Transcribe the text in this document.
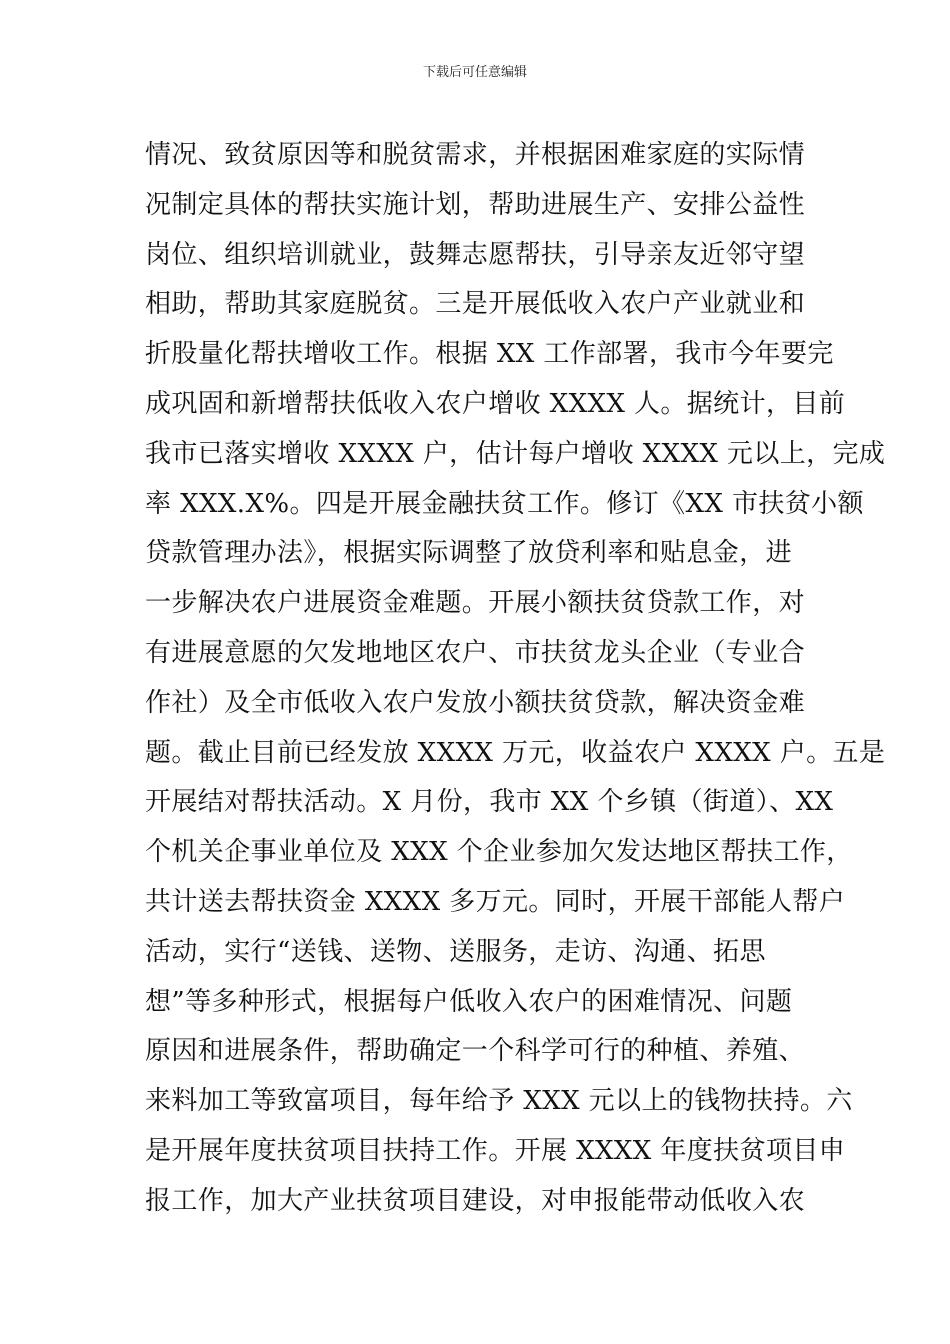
下载后可任意编辑
情况、致贫原因等和脱贫需求，并根据困难家庭的实际情
况制定具体的帮扶实施计划，帮助进展生产、安排公益性
岗位、组织培训就业，鼓舞志愿帮扶，引导亲友近邻守望
相助，帮助其家庭脱贫。三是开展低收入农户产业就业和
折股量化帮扶增收工作。根据 XX 工作部署，我市今年要完
成巩固和新增帮扶低收入农户增收 XXXX 人。据统计，目前
我市已落实增收 XXXX 户，估计每户增收 XXXX 元以上，完成
率 XXX.X%。四是开展金融扶贫工作。修订《XX 市扶贫小额
贷款管理办法》，根据实际调整了放贷利率和贴息金，进
一步解决农户进展资金难题。开展小额扶贫贷款工作，对
有进展意愿的欠发地地区农户、市扶贫龙头企业（专业合
作社）及全市低收入农户发放小额扶贫贷款，解决资金难
题。截止目前已经发放 XXXX 万元，收益农户 XXXX 户。五是
开展结对帮扶活动。X 月份，我市 XX 个乡镇（街道）、XX
个机关企事业单位及 XXX 个企业参加欠发达地区帮扶工作，
共计送去帮扶资金 XXXX 多万元。同时，开展干部能人帮户
活动，实行“送钱、送物、送服务，走访、沟通、拓思
想”等多种形式，根据每户低收入农户的困难情况、问题
原因和进展条件，帮助确定一个科学可行的种植、养殖、
来料加工等致富项目，每年给予 XXX 元以上的钱物扶持。六
是开展年度扶贫项目扶持工作。开展 XXXX 年度扶贫项目申
报工作，加大产业扶贫项目建设，对申报能带动低收入农
